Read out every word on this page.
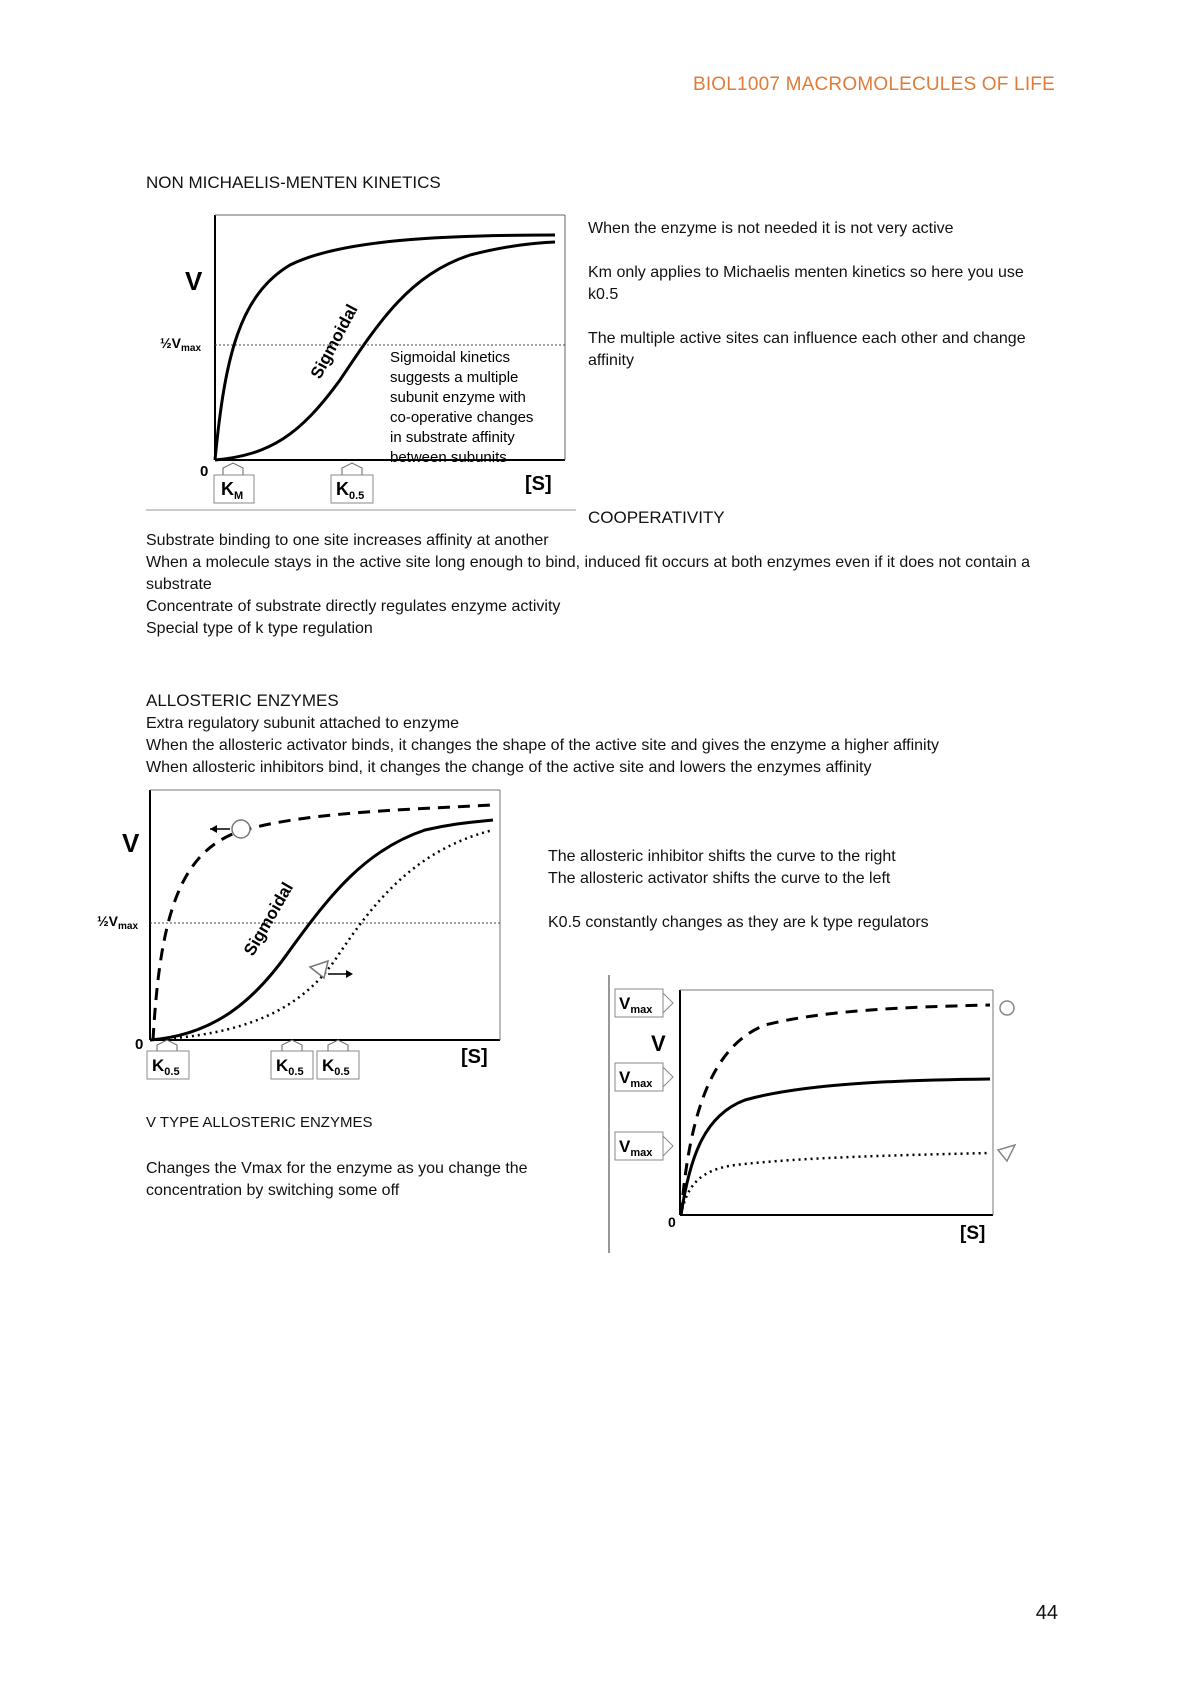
BIOL1007 MACROMOLECULES OF LIFE
NON MICHAELIS-MENTEN KINETICS
V
$\frac{1}{2}V_{max}$
0
[S]
Sigmoidal Sigmoidal kinetics
suggests a multiple
subunit enzyme with
co-operative changes
in substrate affinity
between subunits
$K_M$	$K_{0.5}$

When the enzyme is not needed it is not very active

Km only applies to Michaelis menten kinetics so here you use k0.5

The multiple active sites can influence each other and change affinity

COOPERATIVITY

Substrate binding to one site increases affinity at another

When a molecule stays in the active site long enough to bind, induced fit occurs at both enzymes even if it does not contain a substrate

Concentrate of substrate directly regulates enzyme activity

Special type of k type regulation

ALLOSTERIC ENZYMES

Extra regulatory subunit attached to enzyme

When the allosteric activator binds, it changes the shape of the active site and gives the enzyme a higher affinity

When allosteric inhibitors bind, it changes the change of the active site and lowers the enzymes affinity

V
$\frac{1}{2}V_{max}$
0
[S]
Sigmoidal
$K_{0.5}$	$K_{0.5}$ $K_{0.5}$

The allosteric inhibitor shifts the curve to the right

The allosteric activator shifts the curve to the left

K0.5 constantly changes as they are k type regulators

V TYPE ALLOSTERIC ENZYMES

Changes the Vmax for the enzyme as you change the concentration by switching some off

$V_{max}$
$V_{max}$
$V_{max}$
V
0
[S]
44
